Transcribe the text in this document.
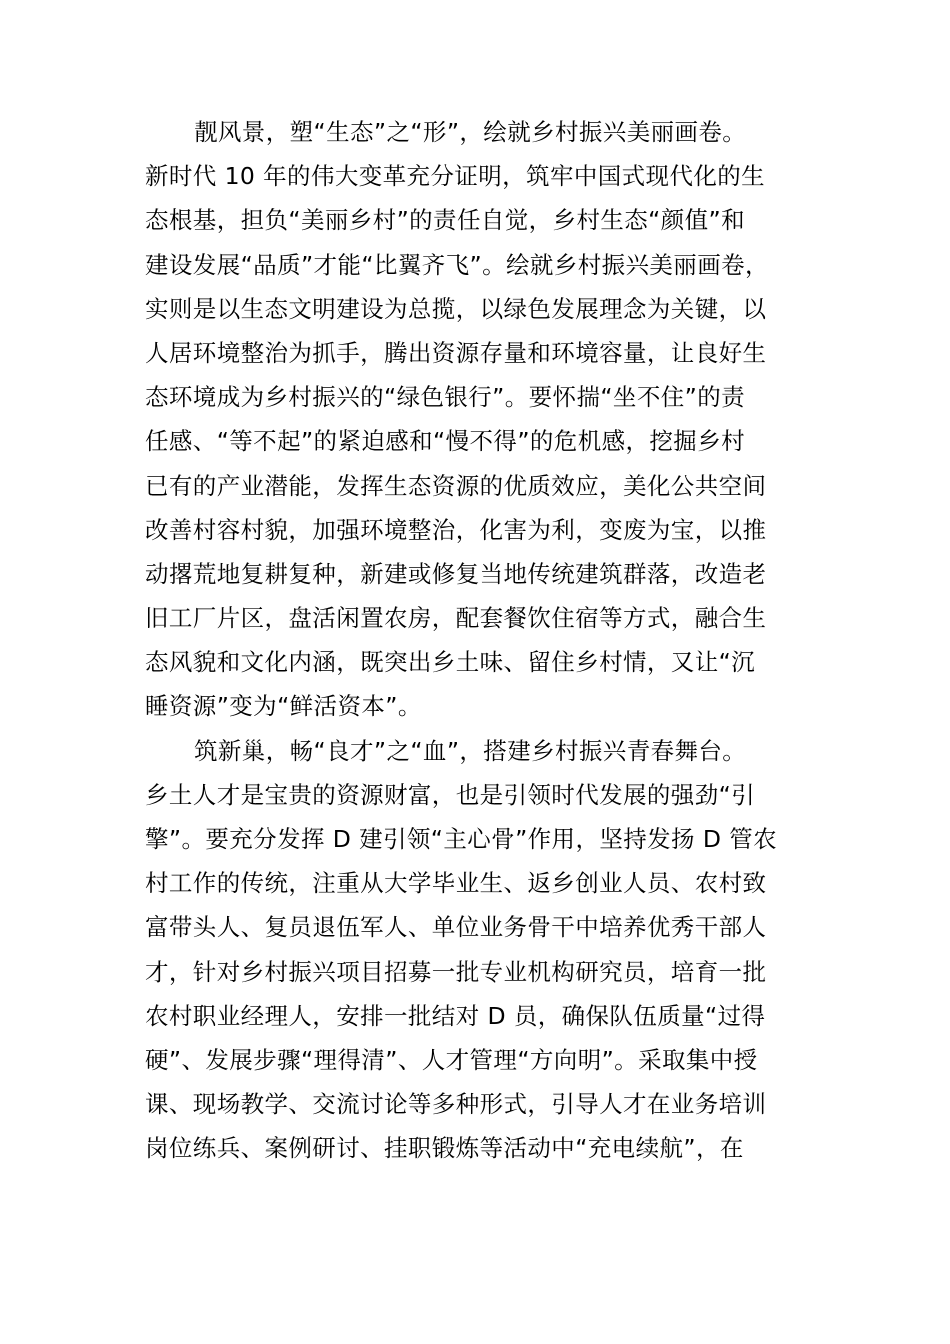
靓风景，塑“生态”之“形”，绘就乡村振兴美丽画卷。
新时代 10 年的伟大变革充分证明，筑牢中国式现代化的生
态根基，担负“美丽乡村”的责任自觉，乡村生态“颜值”和
建设发展“品质”才能“比翼齐飞”。绘就乡村振兴美丽画卷，
实则是以生态文明建设为总揽，以绿色发展理念为关键，以
人居环境整治为抓手，腾出资源存量和环境容量，让良好生
态环境成为乡村振兴的“绿色银行”。要怀揣“坐不住”的责
任感、“等不起”的紧迫感和“慢不得”的危机感，挖掘乡村
已有的产业潜能，发挥生态资源的优质效应，美化公共空间
改善村容村貌，加强环境整治，化害为利，变废为宝，以推
动撂荒地复耕复种，新建或修复当地传统建筑群落，改造老
旧工厂片区，盘活闲置农房，配套餐饮住宿等方式，融合生
态风貌和文化内涵，既突出乡土味、留住乡村情，又让“沉
睡资源”变为“鲜活资本”。
筑新巢，畅“良才”之“血”，搭建乡村振兴青春舞台。
乡土人才是宝贵的资源财富，也是引领时代发展的强劲“引
擎”。要充分发挥 D 建引领“主心骨”作用，坚持发扬 D 管农
村工作的传统，注重从大学毕业生、返乡创业人员、农村致
富带头人、复员退伍军人、单位业务骨干中培养优秀干部人
才，针对乡村振兴项目招募一批专业机构研究员，培育一批
农村职业经理人，安排一批结对 D 员，确保队伍质量“过得
硬”、发展步骤“理得清”、人才管理“方向明”。采取集中授
课、现场教学、交流讨论等多种形式，引导人才在业务培训
岗位练兵、案例研讨、挂职锻炼等活动中“充电续航”，在
